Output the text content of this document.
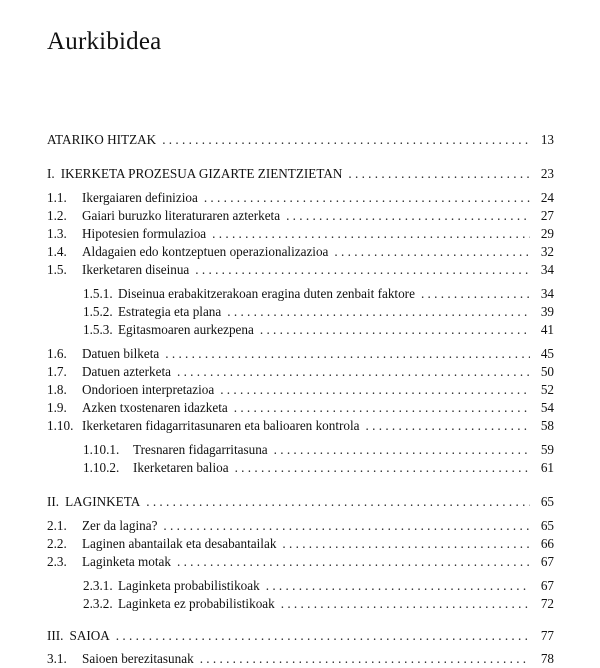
Aurkibidea
ATARIKO HITZAK . . .	13
I. IKERKETA PROZESUA GIZARTE ZIENTZIETAN . . .	23
1.1.	Ikergaiaren definizioa . . .	24
1.2.	Gaiari buruzko literaturaren azterketa . . .	27
1.3.	Hipotesien formulazioa . . .	29
1.4.	Aldagaien edo kontzeptuen operazionalizazioa . . .	32
1.5.	Ikerketaren diseinua . . .	34
1.5.1. Diseinua erabakitzerakoan eragina duten zenbait faktore . . .	34
1.5.2. Estrategia eta plana . . .	39
1.5.3. Egitasmoaren aurkezpena . . .	41
1.6.	Datuen bilketa . . .	45
1.7.	Datuen azterketa . . .	50
1.8.	Ondorioen interpretazioa . . .	52
1.9.	Azken txostenaren idazketa . . .	54
1.10. Ikerketaren fidagarritasunaren eta balioaren kontrola . . .	58
1.10.1.	Tresnaren fidagarritasuna . . .	59
1.10.2.	Ikerketaren balioa . . .	61
II. LAGINKETA . . .	65
2.1.	Zer da lagina? . . .	65
2.2.	Laginen abantailak eta desabantailak . . .	66
2.3.	Laginketa motak . . .	67
2.3.1. Laginketa probabilistikoak . . .	67
2.3.2. Laginketa ez probabilistikoak . . .	72
III. SAIOA . . .	77
3.1.	Saioen berezitasunak . . .	78
